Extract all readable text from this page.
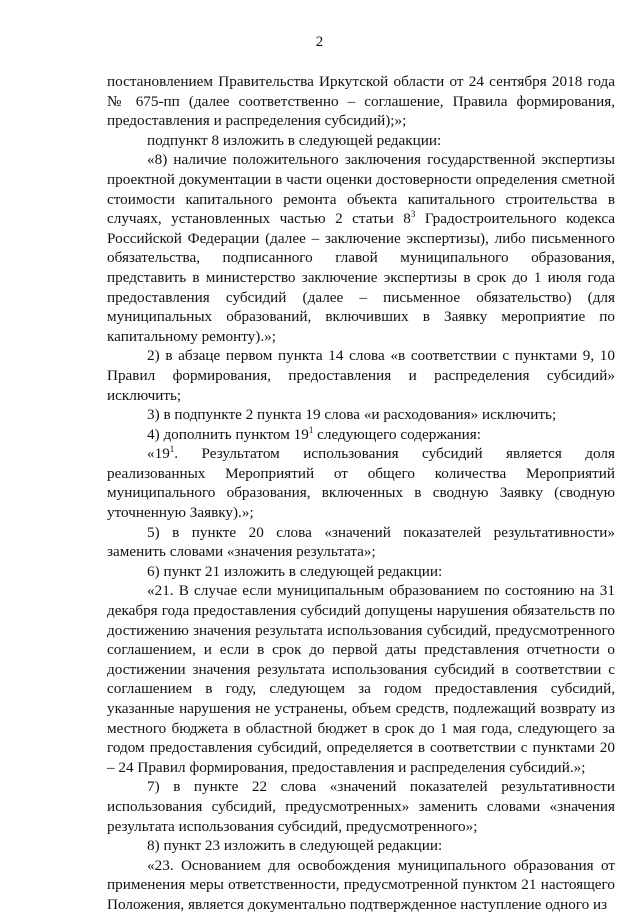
2

постановлением Правительства Иркутской области от 24 сентября 2018 года № 675-пп (далее соответственно – соглашение, Правила формирования, предоставления и распределения субсидий);»;

подпункт 8 изложить в следующей редакции:

«8) наличие положительного заключения государственной экспертизы проектной документации в части оценки достоверности определения сметной стоимости капитального ремонта объекта капитального строительства в случаях, установленных частью 2 статьи $8^3$ Градостроительного кодекса Российской Федерации (далее – заключение экспертизы), либо письменного обязательства, подписанного главой муниципального образования, представить в министерство заключение экспертизы в срок до 1 июля года предоставления субсидий (далее – письменное обязательство) (для муниципальных образований, включивших в Заявку мероприятие по капитальному ремонту).»;

2) в абзаце первом пункта 14 слова «в соответствии с пунктами 9, 10 Правил формирования, предоставления и распределения субсидий» исключить;

3) в подпункте 2 пункта 19 слова «и расходования» исключить;

4) дополнить пунктом $19^1$ следующего содержания:

«$19^1$. Результатом использования субсидий является доля реализованных Мероприятий от общего количества Мероприятий муниципального образования, включенных в сводную Заявку (сводную уточненную Заявку).»;

5) в пункте 20 слова «значений показателей результативности» заменить словами «значения результата»;

6) пункт 21 изложить в следующей редакции:

«21. В случае если муниципальным образованием по состоянию на 31 декабря года предоставления субсидий допущены нарушения обязательств по достижению значения результата использования субсидий, предусмотренного соглашением, и если в срок до первой даты представления отчетности о достижении значения результата использования субсидий в соответствии с соглашением в году, следующем за годом предоставления субсидий, указанные нарушения не устранены, объем средств, подлежащий возврату из местного бюджета в областной бюджет в срок до 1 мая года, следующего за годом предоставления субсидий, определяется в соответствии с пунктами 20 – 24 Правил формирования, предоставления и распределения субсидий.»;

7) в пункте 22 слова «значений показателей результативности использования субсидий, предусмотренных» заменить словами «значения результата использования субсидий, предусмотренного»;

8) пункт 23 изложить в следующей редакции:

«23. Основанием для освобождения муниципального образования от применения меры ответственности, предусмотренной пунктом 21 настоящего Положения, является документально подтвержденное наступление одного из
